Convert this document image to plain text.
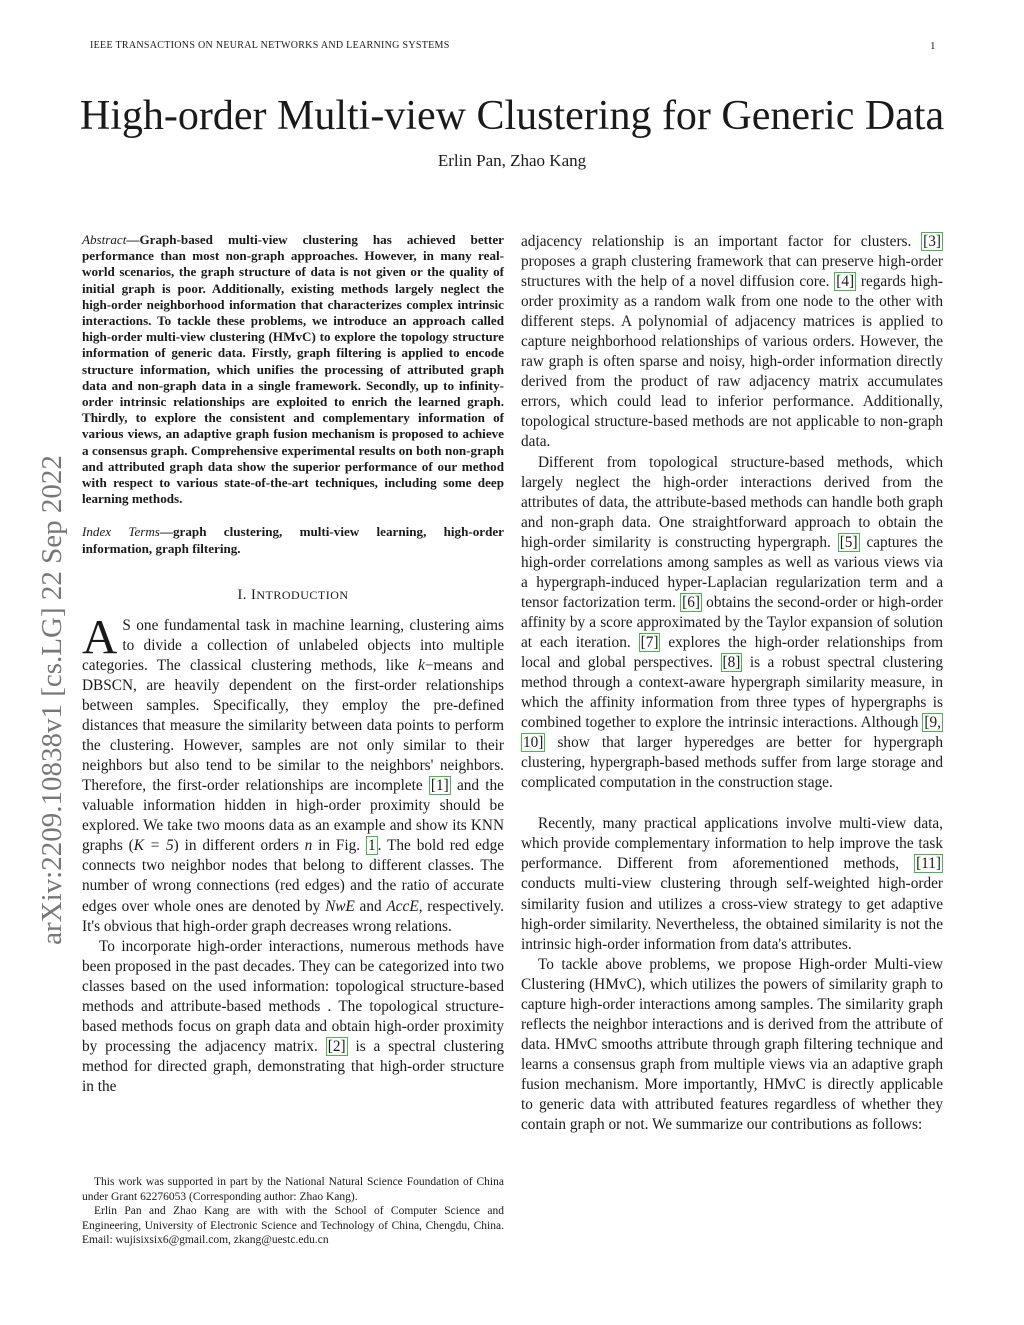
IEEE TRANSACTIONS ON NEURAL NETWORKS AND LEARNING SYSTEMS	1
High-order Multi-view Clustering for Generic Data
Erlin Pan, Zhao Kang
arXiv:2209.10838v1 [cs.LG] 22 Sep 2022

Abstract—Graph-based multi-view clustering has achieved better performance than most non-graph approaches. However, in many real-world scenarios, the graph structure of data is not given or the quality of initial graph is poor. Additionally, existing methods largely neglect the high-order neighborhood information that characterizes complex intrinsic interactions. To tackle these problems, we introduce an approach called high-order multi-view clustering (HMvC) to explore the topology structure information of generic data. Firstly, graph filtering is applied to encode structure information, which unifies the processing of attributed graph data and non-graph data in a single framework. Secondly, up to infinity-order intrinsic relationships are exploited to enrich the learned graph. Thirdly, to explore the consistent and complementary information of various views, an adaptive graph fusion mechanism is proposed to achieve a consensus graph. Comprehensive experimental results on both non-graph and attributed graph data show the superior performance of our method with respect to various state-of-the-art techniques, including some deep learning methods.

Index Terms—graph clustering, multi-view learning, high-order information, graph filtering.

I. INTRODUCTION

A S one fundamental task in machine learning, clustering aims to divide a collection of unlabeled objects into multiple categories. The classical clustering methods, like k−means and DBSCN, are heavily dependent on the first-order relationships between samples. Specifically, they employ the pre-defined distances that measure the similarity between data points to perform the clustering. However, samples are not only similar to their neighbors but also tend to be similar to the neighbors' neighbors. Therefore, the first-order relationships are incomplete [1] and the valuable information hidden in high-order proximity should be explored. We take two moons data as an example and show its KNN graphs (K = 5) in different orders n in Fig. 1 . The bold red edge connects two neighbor nodes that belong to different classes. The number of wrong connections (red edges) and the ratio of accurate edges over whole ones are denoted by NwE and AccE, respectively. It's obvious that high-order graph decreases wrong relations.

To incorporate high-order interactions, numerous methods have been proposed in the past decades. They can be categorized into two classes based on the used information: topological structure-based methods and attribute-based methods . The topological structure-based methods focus on graph data and obtain high-order proximity by processing the adjacency matrix. [2] is a spectral clustering method for directed graph, demonstrating that high-order structure in the

This work was supported in part by the National Natural Science Foundation of China under Grant 62276053 (Corresponding author: Zhao Kang).

Erlin Pan and Zhao Kang are with with the School of Computer Science and Engineering, University of Electronic Science and Technology of China, Chengdu, China. Email: wujisixsix6@gmail.com, zkang@uestc.edu.cn

adjacency relationship is an important factor for clusters. [3] proposes a graph clustering framework that can preserve high-order structures with the help of a novel diffusion core. [4] regards high-order proximity as a random walk from one node to the other with different steps. A polynomial of adjacency matrices is applied to capture neighborhood relationships of various orders. However, the raw graph is often sparse and noisy, high-order information directly derived from the product of raw adjacency matrix accumulates errors, which could lead to inferior performance. Additionally, topological structure-based methods are not applicable to non-graph data.

Different from topological structure-based methods, which largely neglect the high-order interactions derived from the attributes of data, the attribute-based methods can handle both graph and non-graph data. One straightforward approach to obtain the high-order similarity is constructing hypergraph. [5] captures the high-order correlations among samples as well as various views via a hypergraph-induced hyper-Laplacian regularization term and a tensor factorization term. [6] obtains the second-order or high-order affinity by a score approximated by the Taylor expansion of solution at each iteration. [7] explores the high-order relationships from local and global perspectives. [8] is a robust spectral clustering method through a context-aware hypergraph similarity measure, in which the affinity information from three types of hypergraphs is combined together to explore the intrinsic interactions. Although [9, 10] show that larger hyperedges are better for hypergraph clustering, hypergraph-based methods suffer from large storage and complicated computation in the construction stage.

Recently, many practical applications involve multi-view data, which provide complementary information to help improve the task performance. Different from aforementioned methods, [11] conducts multi-view clustering through self-weighted high-order similarity fusion and utilizes a cross-view strategy to get adaptive high-order similarity. Nevertheless, the obtained similarity is not the intrinsic high-order information from data's attributes.

To tackle above problems, we propose High-order Multi-view Clustering (HMvC), which utilizes the powers of similarity graph to capture high-order interactions among samples. The similarity graph reflects the neighbor interactions and is derived from the attribute of data. HMvC smooths attribute through graph filtering technique and learns a consensus graph from multiple views via an adaptive graph fusion mechanism. More importantly, HMvC is directly applicable to generic data with attributed features regardless of whether they contain graph or not. We summarize our contributions as follows:
